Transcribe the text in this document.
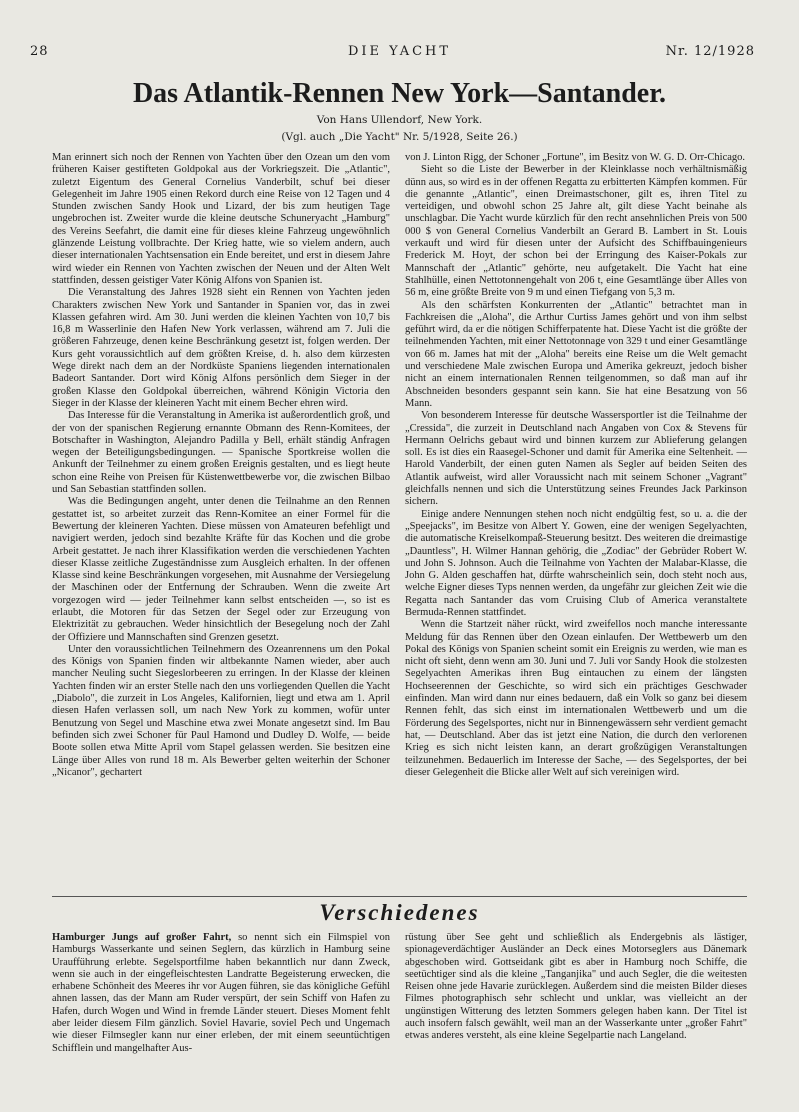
DIE YACHT
28	Nr. 12/1928
Das Atlantik-Rennen New York—Santander.
Von Hans Ullendorf, New York.
(Vgl. auch „Die Yacht" Nr. 5/1928, Seite 26.)

Man erinnert sich noch der Rennen von Yachten über den Ozean um den vom früheren Kaiser gestifteten Goldpokal aus der Vorkriegszeit. Die „Atlantic", zuletzt Eigentum des General Cornelius Vanderbilt, schuf bei dieser Gelegenheit im Jahre 1905 einen Rekord durch eine Reise von 12 Tagen und 4 Stunden zwischen Sandy Hook und Lizard, der bis zum heutigen Tage ungebrochen ist. Zweiter wurde die kleine deutsche Schuneryacht „Hamburg" des Vereins Seefahrt, die damit eine für dieses kleine Fahrzeug ungewöhnlich glänzende Leistung vollbrachte. Der Krieg hatte, wie so vielem andern, auch dieser internationalen Yachtsensation ein Ende bereitet, und erst in diesem Jahre wird wieder ein Rennen von Yachten zwischen der Neuen und der Alten Welt stattfinden, dessen geistiger Vater König Alfons von Spanien ist.

Die Veranstaltung des Jahres 1928 sieht ein Rennen von Yachten jeden Charakters zwischen New York und Santander in Spanien vor, das in zwei Klassen gefahren wird. Am 30. Juni werden die kleinen Yachten von 10,7 bis 16,8 m Wasserlinie den Hafen New York verlassen, während am 7. Juli die größeren Fahrzeuge, denen keine Beschränkung gesetzt ist, folgen werden. Der Kurs geht voraussichtlich auf dem größten Kreise, d. h. also dem kürzesten Wege direkt nach dem an der Nordküste Spaniens liegenden internationalen Badeort Santander. Dort wird König Alfons persönlich dem Sieger in der großen Klasse den Goldpokal überreichen, während Königin Victoria den Sieger in der Klasse der kleineren Yacht mit einem Becher ehren wird.

Das Interesse für die Veranstaltung in Amerika ist außerordentlich groß, und der von der spanischen Regierung ernannte Obmann des Renn-Komitees, der Botschafter in Washington, Alejandro Padilla y Bell, erhält ständig Anfragen wegen der Beteiligungsbedingungen. — Spanische Sportkreise wollen die Ankunft der Teilnehmer zu einem großen Ereignis gestalten, und es liegt heute schon eine Reihe von Preisen für Küstenwettbewerbe vor, die zwischen Bilbao und San Sebastian stattfinden sollen.

Was die Bedingungen angeht, unter denen die Teilnahme an den Rennen gestattet ist, so arbeitet zurzeit das Renn-Komitee an einer Formel für die Bewertung der kleineren Yachten. Diese müssen von Amateuren befehligt und navigiert werden, jedoch sind bezahlte Kräfte für das Kochen und die grobe Arbeit gestattet. Je nach ihrer Klassifikation werden die verschiedenen Yachten dieser Klasse zeitliche Zugeständnisse zum Ausgleich erhalten. In der offenen Klasse sind keine Beschränkungen vorgesehen, mit Ausnahme der Versiegelung der Maschinen oder der Entfernung der Schrauben. Wenn die zweite Art vorgezogen wird — jeder Teilnehmer kann selbst entscheiden —, so ist es erlaubt, die Motoren für das Setzen der Segel oder zur Erzeugung von Elektrizität zu gebrauchen. Weder hinsichtlich der Besegelung noch der Zahl der Offiziere und Mannschaften sind Grenzen gesetzt.

Unter den voraussichtlichen Teilnehmern des Ozeanrennens um den Pokal des Königs von Spanien finden wir altbekannte Namen wieder, aber auch mancher Neuling sucht Siegeslorbeeren zu erringen. In der Klasse der kleinen Yachten finden wir an erster Stelle nach den uns vorliegenden Quellen die Yacht „Diabolo", die zurzeit in Los Angeles, Kalifornien, liegt und etwa am 1. April diesen Hafen verlassen soll, um nach New York zu kommen, wofür unter Benutzung von Segel und Maschine etwa zwei Monate angesetzt sind. Im Bau befinden sich zwei Schoner für Paul Hamond und Dudley D. Wolfe, — beide Boote sollen etwa Mitte April vom Stapel gelassen werden. Sie besitzen eine Länge über Alles von rund 18 m. Als Bewerber gelten weiterhin der Schoner „Nicanor", gechartert

von J. Linton Rigg, der Schoner „Fortune", im Besitz von W. G. D. Orr-Chicago.

Sieht so die Liste der Bewerber in der Kleinklasse noch verhältnismäßig dünn aus, so wird es in der offenen Regatta zu erbitterten Kämpfen kommen. Für die genannte „Atlantic", einen Dreimastschoner, gilt es, ihren Titel zu verteidigen, und obwohl schon 25 Jahre alt, gilt diese Yacht beinahe als unschlagbar. Die Yacht wurde kürzlich für den recht ansehnlichen Preis von 500 000 $ von General Cornelius Vanderbilt an Gerard B. Lambert in St. Louis verkauft und wird für diesen unter der Aufsicht des Schiffbauingenieurs Frederick M. Hoyt, der schon bei der Erringung des Kaiser-Pokals zur Mannschaft der „Atlantic" gehörte, neu aufgetakelt. Die Yacht hat eine Stahlhülle, einen Nettotonnengehalt von 206 t, eine Gesamtlänge über Alles von 56 m, eine größte Breite von 9 m und einen Tiefgang von 5,3 m.

Als den schärfsten Konkurrenten der „Atlantic" betrachtet man in Fachkreisen die „Aloha", die Arthur Curtiss James gehört und von ihm selbst geführt wird, da er die nötigen Schifferpatente hat. Diese Yacht ist die größte der teilnehmenden Yachten, mit einer Nettotonnage von 329 t und einer Gesamtlänge von 66 m. James hat mit der „Aloha" bereits eine Reise um die Welt gemacht und verschiedene Male zwischen Europa und Amerika gekreuzt, jedoch bisher nicht an einem internationalen Rennen teilgenommen, so daß man auf ihr Abschneiden besonders gespannt sein kann. Sie hat eine Besatzung von 56 Mann.

Von besonderem Interesse für deutsche Wassersportler ist die Teilnahme der „Cressida", die zurzeit in Deutschland nach Angaben von Cox & Stevens für Hermann Oelrichs gebaut wird und binnen kurzem zur Ablieferung gelangen soll. Es ist dies ein Raasegel-Schoner und damit für Amerika eine Seltenheit. — Harold Vanderbilt, der einen guten Namen als Segler auf beiden Seiten des Atlantik aufweist, wird aller Voraussicht nach mit seinem Schoner „Vagrant" gleichfalls nennen und sich die Unterstützung seines Freundes Jack Parkinson sichern.

Einige andere Nennungen stehen noch nicht endgültig fest, so u. a. die der „Speejacks", im Besitze von Albert Y. Gowen, eine der wenigen Segelyachten, die automatische Kreiselkompaß-Steuerung besitzt. Des weiteren die dreimastige „Dauntless", H. Wilmer Hannan gehörig, die „Zodiac" der Gebrüder Robert W. und John S. Johnson. Auch die Teilnahme von Yachten der Malabar-Klasse, die John G. Alden geschaffen hat, dürfte wahrscheinlich sein, doch steht noch aus, welche Eigner dieses Typs nennen werden, da ungefähr zur gleichen Zeit wie die Regatta nach Santander das vom Cruising Club of America veranstaltete Bermuda-Rennen stattfindet.

Wenn die Startzeit näher rückt, wird zweifellos noch manche interessante Meldung für das Rennen über den Ozean einlaufen. Der Wettbewerb um den Pokal des Königs von Spanien scheint somit ein Ereignis zu werden, wie man es nicht oft sieht, denn wenn am 30. Juni und 7. Juli vor Sandy Hook die stolzesten Segelyachten Amerikas ihren Bug eintauchen zu einem der längsten Hochseerennen der Geschichte, so wird sich ein prächtiges Geschwader einfinden. Man wird dann nur eines bedauern, daß ein Volk so ganz bei diesem Rennen fehlt, das sich einst im internationalen Wettbewerb und um die Förderung des Segelsportes, nicht nur in Binnengewässern sehr verdient gemacht hat, — Deutschland. Aber das ist jetzt eine Nation, die durch den verlorenen Krieg es sich nicht leisten kann, an derart großzügigen Veranstaltungen teilzunehmen. Bedauerlich im Interesse der Sache, — des Segelsportes, der bei dieser Gelegenheit die Blicke aller Welt auf sich vereinigen wird.

Verschiedenes

Hamburger Jungs auf großer Fahrt, so nennt sich ein Filmspiel von Hamburgs Wasserkante und seinen Seglern, das kürzlich in Hamburg seine Uraufführung erlebte. Segelsportfilme haben bekanntlich nur dann Zweck, wenn sie auch in der eingefleischtesten Landratte Begeisterung erwecken, die erhabene Schönheit des Meeres ihr vor Augen führen, sie das königliche Gefühl ahnen lassen, das der Mann am Ruder verspürt, der sein Schiff von Hafen zu Hafen, durch Wogen und Wind in fremde Länder steuert. Dieses Moment fehlt aber leider diesem Film gänzlich. Soviel Havarie, soviel Pech und Ungemach wie dieser Filmsegler kann nur einer erleben, der mit einem seeuntüchtigen Schifflein und mangelhafter Aus-

rüstung über See geht und schließlich als Endergebnis als lästiger, spionageverdächtiger Ausländer an Deck eines Motorseglers aus Dänemark abgeschoben wird. Gottseidank gibt es aber in Hamburg noch Schiffe, die seetüchtiger sind als die kleine „Tanganjika" und auch Segler, die die weitesten Reisen ohne jede Havarie zurücklegen. Außerdem sind die meisten Bilder dieses Filmes photographisch sehr schlecht und unklar, was vielleicht an der ungünstigen Witterung des letzten Sommers gelegen haben kann. Der Titel ist auch insofern falsch gewählt, weil man an der Wasserkante unter „großer Fahrt" etwas anderes versteht, als eine kleine Segelpartie nach Langeland.
